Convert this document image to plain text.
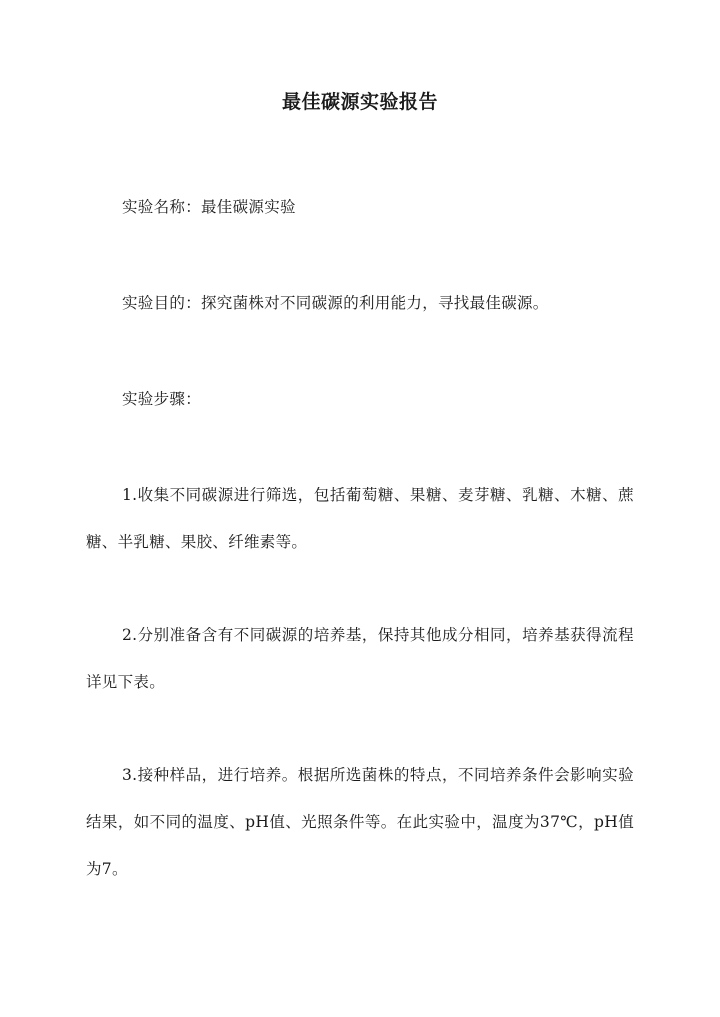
最佳碳源实验报告
实验名称：最佳碳源实验
实验目的：探究菌株对不同碳源的利用能力，寻找最佳碳源。
实验步骤：
1.收集不同碳源进行筛选，包括葡萄糖、果糖、麦芽糖、乳糖、木糖、蔗糖、半乳糖、果胶、纤维素等。
2.分别准备含有不同碳源的培养基，保持其他成分相同，培养基获得流程详见下表。
3.接种样品，进行培养。根据所选菌株的特点，不同培养条件会影响实验结果，如不同的温度、pH值、光照条件等。在此实验中，温度为37℃，pH值为7。
